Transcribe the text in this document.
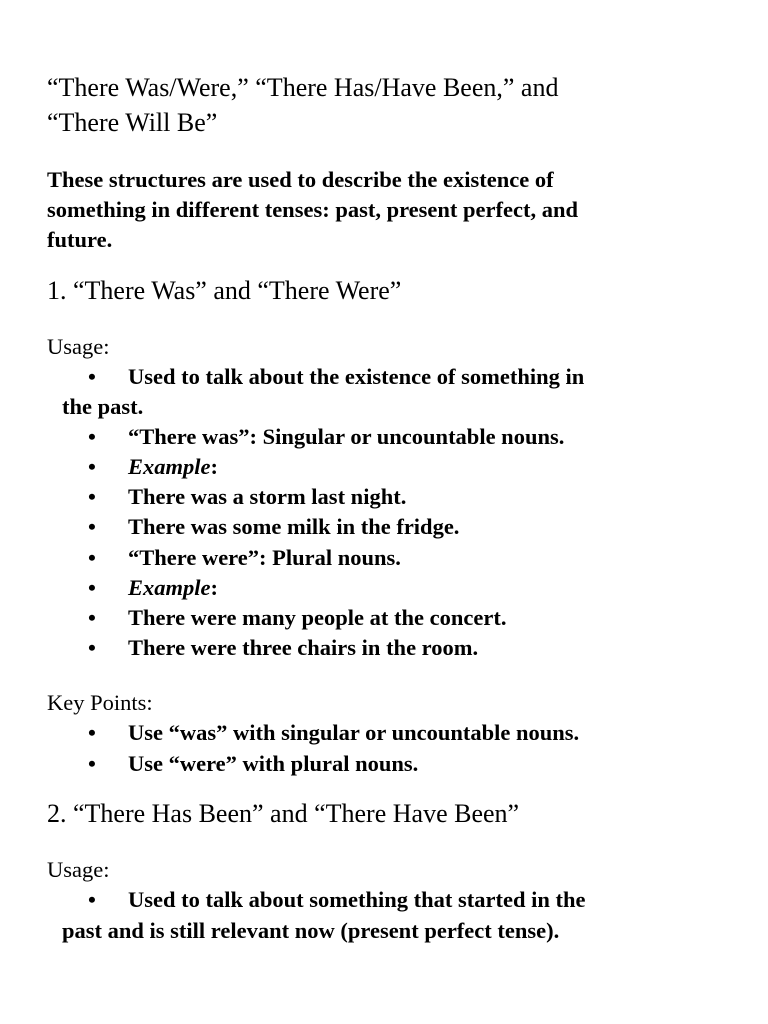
“There Was/Were,” “There Has/Have Been,” and

“There Will Be”

These structures are used to describe the existence of

something in different tenses: past, present perfect, and

future.

1. “There Was” and “There Were”

Usage:

• Used to talk about the existence of something in

the past.

• “There was”: Singular or uncountable nouns.

• Example:

• There was a storm last night.

• There was some milk in the fridge.

• “There were”: Plural nouns.

• Example:

• There were many people at the concert.

• There were three chairs in the room.

Key Points:

• Use “was” with singular or uncountable nouns.

• Use “were” with plural nouns.

2. “There Has Been” and “There Have Been”

Usage:

• Used to talk about something that started in the

past and is still relevant now (present perfect tense).
